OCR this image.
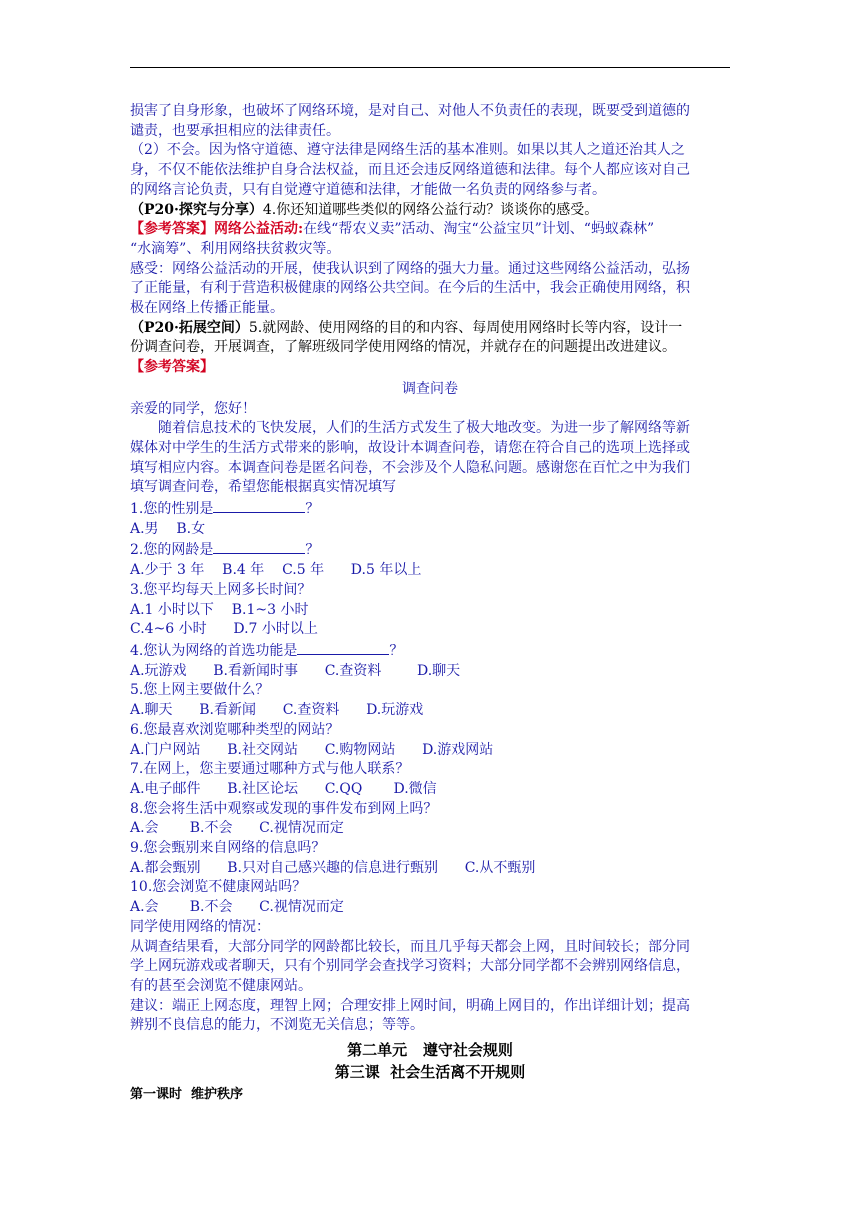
损害了自身形象，也破坏了网络环境，是对自己、对他人不负责任的表现，既要受到道德的

谴责，也要承担相应的法律责任。

（2）不会。因为恪守道德、遵守法律是网络生活的基本准则。如果以其人之道还治其人之

身，不仅不能依法维护自身合法权益，而且还会违反网络道德和法律。每个人都应该对自己

的网络言论负责，只有自觉遵守道德和法律，才能做一名负责的网络参与者。

（P20·探究与分享）4.你还知道哪些类似的网络公益行动？谈谈你的感受。

【参考答案】网络公益活动:在线“帮农义卖”活动、淘宝“公益宝贝”计划、“蚂蚁森林”

“水滴筹”、利用网络扶贫救灾等。

感受：网络公益活动的开展，使我认识到了网络的强大力量。通过这些网络公益活动，弘扬

了正能量，有利于营造积极健康的网络公共空间。在今后的生活中，我会正确使用网络，积

极在网络上传播正能量。

（P20·拓展空间）5.就网龄、使用网络的目的和内容、每周使用网络时长等内容，设计一

份调查问卷，开展调查，了解班级同学使用网络的情况，并就存在的问题提出改进建议。

【参考答案】

调查问卷

亲爱的同学，您好！

随着信息技术的飞快发展，人们的生活方式发生了极大地改变。为进一步了解网络等新

媒体对中学生的生活方式带来的影响，故设计本调查问卷，请您在符合自己的选项上选择或

填写相应内容。本调查问卷是匿名问卷，不会涉及个人隐私问题。感谢您在百忙之中为我们

填写调查问卷，希望您能根据真实情况填写

1.您的性别是	？

A.男    B.女

2.您的网龄是	？

A.少于 3 年    B.4 年    C.5 年      D.5 年以上

3.您平均每天上网多长时间？

A.1 小时以下    B.1~3 小时

C.4~6 小时      D.7 小时以上

4.您认为网络的首选功能是	？

A.玩游戏      B.看新闻时事      C.查资料        D.聊天

5.您上网主要做什么？

A.聊天      B.看新闻      C.查资料      D.玩游戏

6.您最喜欢浏览哪种类型的网站？

A.门户网站      B.社交网站      C.购物网站      D.游戏网站

7.在网上，您主要通过哪种方式与他人联系？

A.电子邮件      B.社区论坛      C.QQ       D.微信

8.您会将生活中观察或发现的事件发布到网上吗？

A.会       B.不会      C.视情况而定

9.您会甄别来自网络的信息吗？

A.都会甄别      B.只对自己感兴趣的信息进行甄别      C.从不甄别

10.您会浏览不健康网站吗？

A.会       B.不会      C.视情况而定

同学使用网络的情况：

从调查结果看，大部分同学的网龄都比较长，而且几乎每天都会上网，且时间较长；部分同

学上网玩游戏或者聊天，只有个别同学会查找学习资料；大部分同学都不会辨别网络信息，

有的甚至会浏览不健康网站。

建议：端正上网态度，理智上网；合理安排上网时间，明确上网目的，作出详细计划；提高

辨别不良信息的能力，不浏览无关信息；等等。

第二单元   遵守社会规则

第三课  社会生活离不开规则

第一课时  维护秩序
